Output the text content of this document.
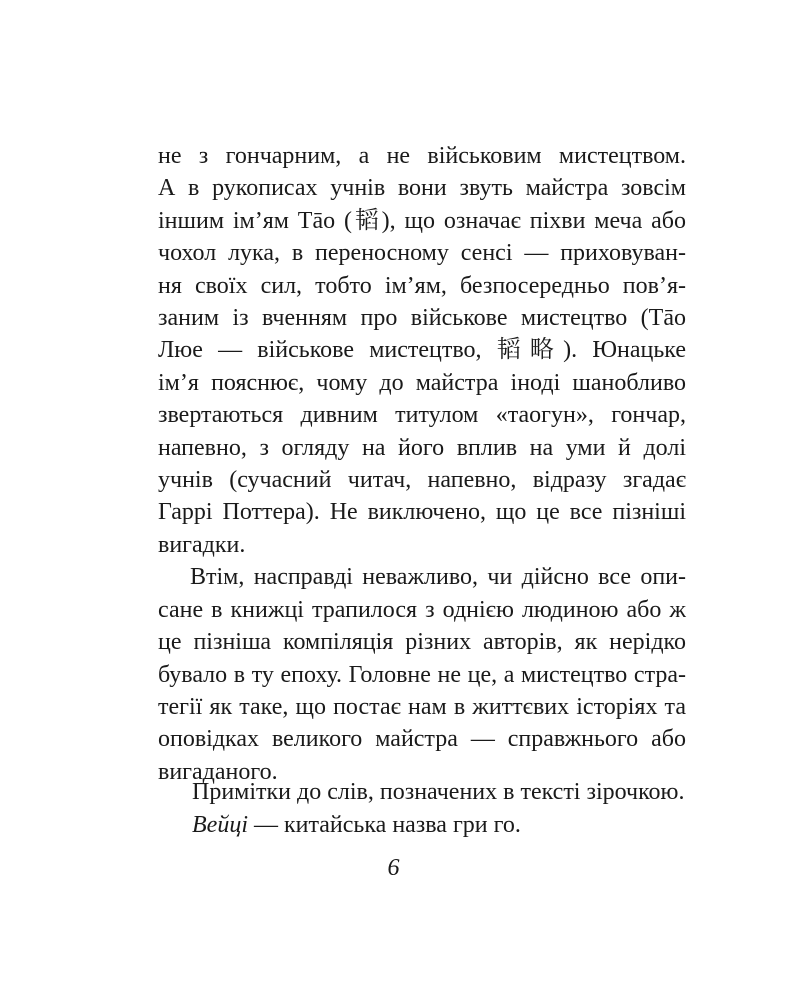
не з гончарним, а не військовим мистецтвом.
А в рукописах учнів вони звуть майстра зовсім
іншим ім’ям Тāо (韬), що означає піхви меча або
чохол лука, в переносному сенсі — приховуван-
ня своїх сил, тобто ім’ям, безпосередньо пов’я-
заним із вченням про військове мистецтво (Тāо
Люе — військове мистецтво, 韬略). Юнацьке
ім’я пояснює, чому до майстра іноді шанобливо
звертаються дивним титулом «таогун», гончар,
напевно, з огляду на його вплив на уми й долі
учнів (сучасний читач, напевно, відразу згадає
Гаррі Поттера). Не виключено, що це все пізніші
вигадки.

Втім, насправді неважливо, чи дійсно все опи-
сане в книжці трапилося з однією людиною або ж
це пізніша компіляція різних авторів, як нерідко
бувало в ту епоху. Головне не це, а мистецтво стра-
тегії як таке, що постає нам в життєвих історіях та
оповідках великого майстра — справжнього або
вигаданого.

Примітки до слів, позначених в тексті зірочкою.
Вейці — китайська назва гри го.
6
